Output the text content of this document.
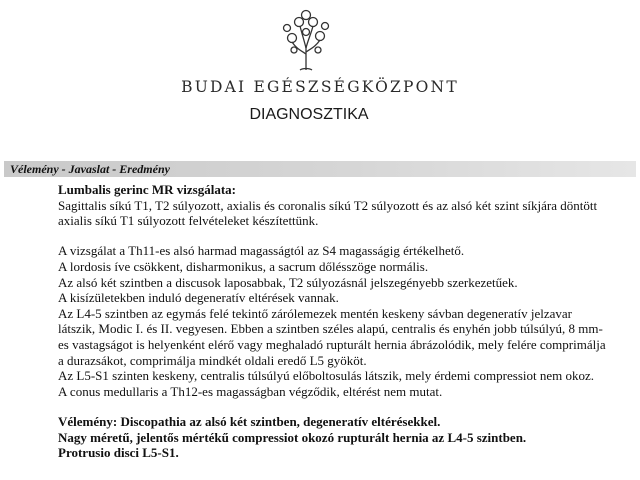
BUDAI EGÉSZSÉGKÖZPONT
DIAGNOSZTIKA
Vélemény - Javaslat - Eredmény
Lumbalis gerinc MR vizsgálata:
Sagittalis síkú T1, T2 súlyozott, axialis és coronalis síkú T2 súlyozott és az alsó két szint síkjára döntött
axialis síkú T1 súlyozott felvételeket készítettünk.
A vizsgálat a Th11-es alsó harmad magasságtól az S4 magasságig értékelhető.
A lordosis íve csökkent, disharmonikus, a sacrum dőlésszöge normális.
Az alsó két szintben a discusok laposabbak, T2 súlyozásnál jelszegényebb szerkezetűek.
A kisízületekben induló degeneratív eltérések vannak.
Az L4-5 szintben az egymás felé tekintő zárólemezek mentén keskeny sávban degeneratív jelzavar
látszik, Modic I. és II. vegyesen. Ebben a szintben széles alapú, centralis és enyhén jobb túlsúlyú, 8 mm-
es vastagságot is helyenként elérő vagy meghaladó rupturált hernia ábrázolódik, mely felére comprimálja
a durazsákot, comprimálja mindkét oldali eredő L5 gyököt.
Az L5-S1 szinten keskeny, centralis túlsúlyú előboltosulás látszik, mely érdemi compressiot nem okoz.
A conus medullaris a Th12-es magasságban végződik, eltérést nem mutat.
Vélemény: Discopathia az alsó két szintben, degeneratív eltérésekkel.
Nagy méretű, jelentős mértékű compressiot okozó rupturált hernia az L4-5 szintben.
Protrusio disci L5-S1.
